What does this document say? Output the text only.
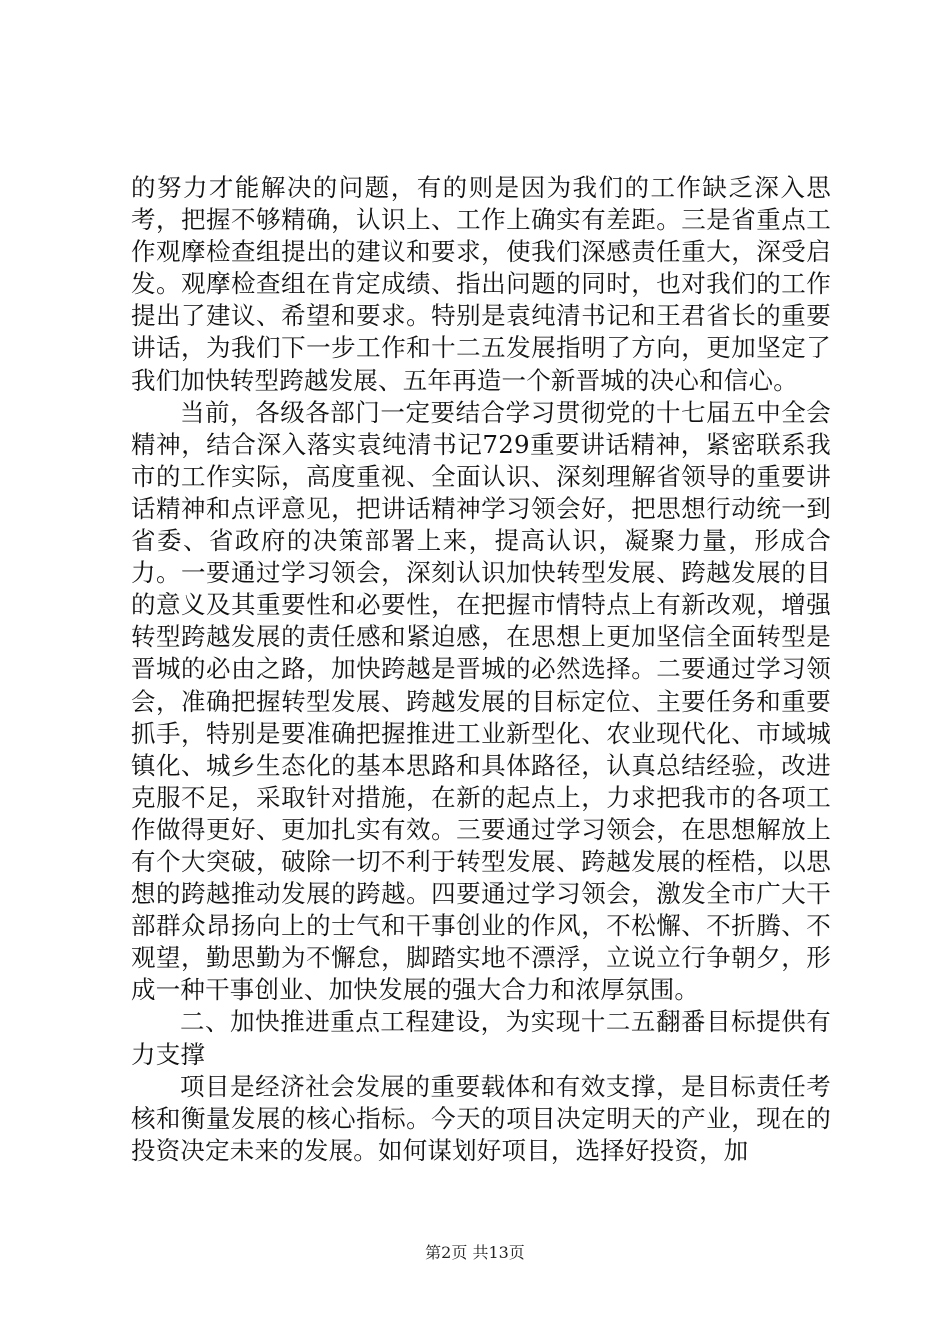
的努力才能解决的问题，有的则是因为我们的工作缺乏深入思考，把握不够精确，认识上、工作上确实有差距。三是省重点工作观摩检查组提出的建议和要求，使我们深感责任重大，深受启发。观摩检查组在肯定成绩、指出问题的同时，也对我们的工作提出了建议、希望和要求。特别是袁纯清书记和王君省长的重要讲话，为我们下一步工作和十二五发展指明了方向，更加坚定了我们加快转型跨越发展、五年再造一个新晋城的决心和信心。

当前，各级各部门一定要结合学习贯彻党的十七届五中全会精神，结合深入落实袁纯清书记729重要讲话精神，紧密联系我市的工作实际，高度重视、全面认识、深刻理解省领导的重要讲话精神和点评意见，把讲话精神学习领会好，把思想行动统一到省委、省政府的决策部署上来，提高认识，凝聚力量，形成合力。一要通过学习领会，深刻认识加快转型发展、跨越发展的目的意义及其重要性和必要性，在把握市情特点上有新改观，增强转型跨越发展的责任感和紧迫感，在思想上更加坚信全面转型是晋城的必由之路，加快跨越是晋城的必然选择。二要通过学习领会，准确把握转型发展、跨越发展的目标定位、主要任务和重要抓手，特别是要准确把握推进工业新型化、农业现代化、市域城镇化、城乡生态化的基本思路和具体路径，认真总结经验，改进克服不足，采取针对措施，在新的起点上，力求把我市的各项工作做得更好、更加扎实有效。三要通过学习领会，在思想解放上有个大突破，破除一切不利于转型发展、跨越发展的桎梏，以思想的跨越推动发展的跨越。四要通过学习领会，激发全市广大干部群众昂扬向上的士气和干事创业的作风，不松懈、不折腾、不观望，勤思勤为不懈怠，脚踏实地不漂浮，立说立行争朝夕，形成一种干事创业、加快发展的强大合力和浓厚氛围。

二、加快推进重点工程建设，为实现十二五翻番目标提供有力支撑

项目是经济社会发展的重要载体和有效支撑，是目标责任考核和衡量发展的核心指标。今天的项目决定明天的产业，现在的投资决定未来的发展。如何谋划好项目，选择好投资，加

第2页 共13页
